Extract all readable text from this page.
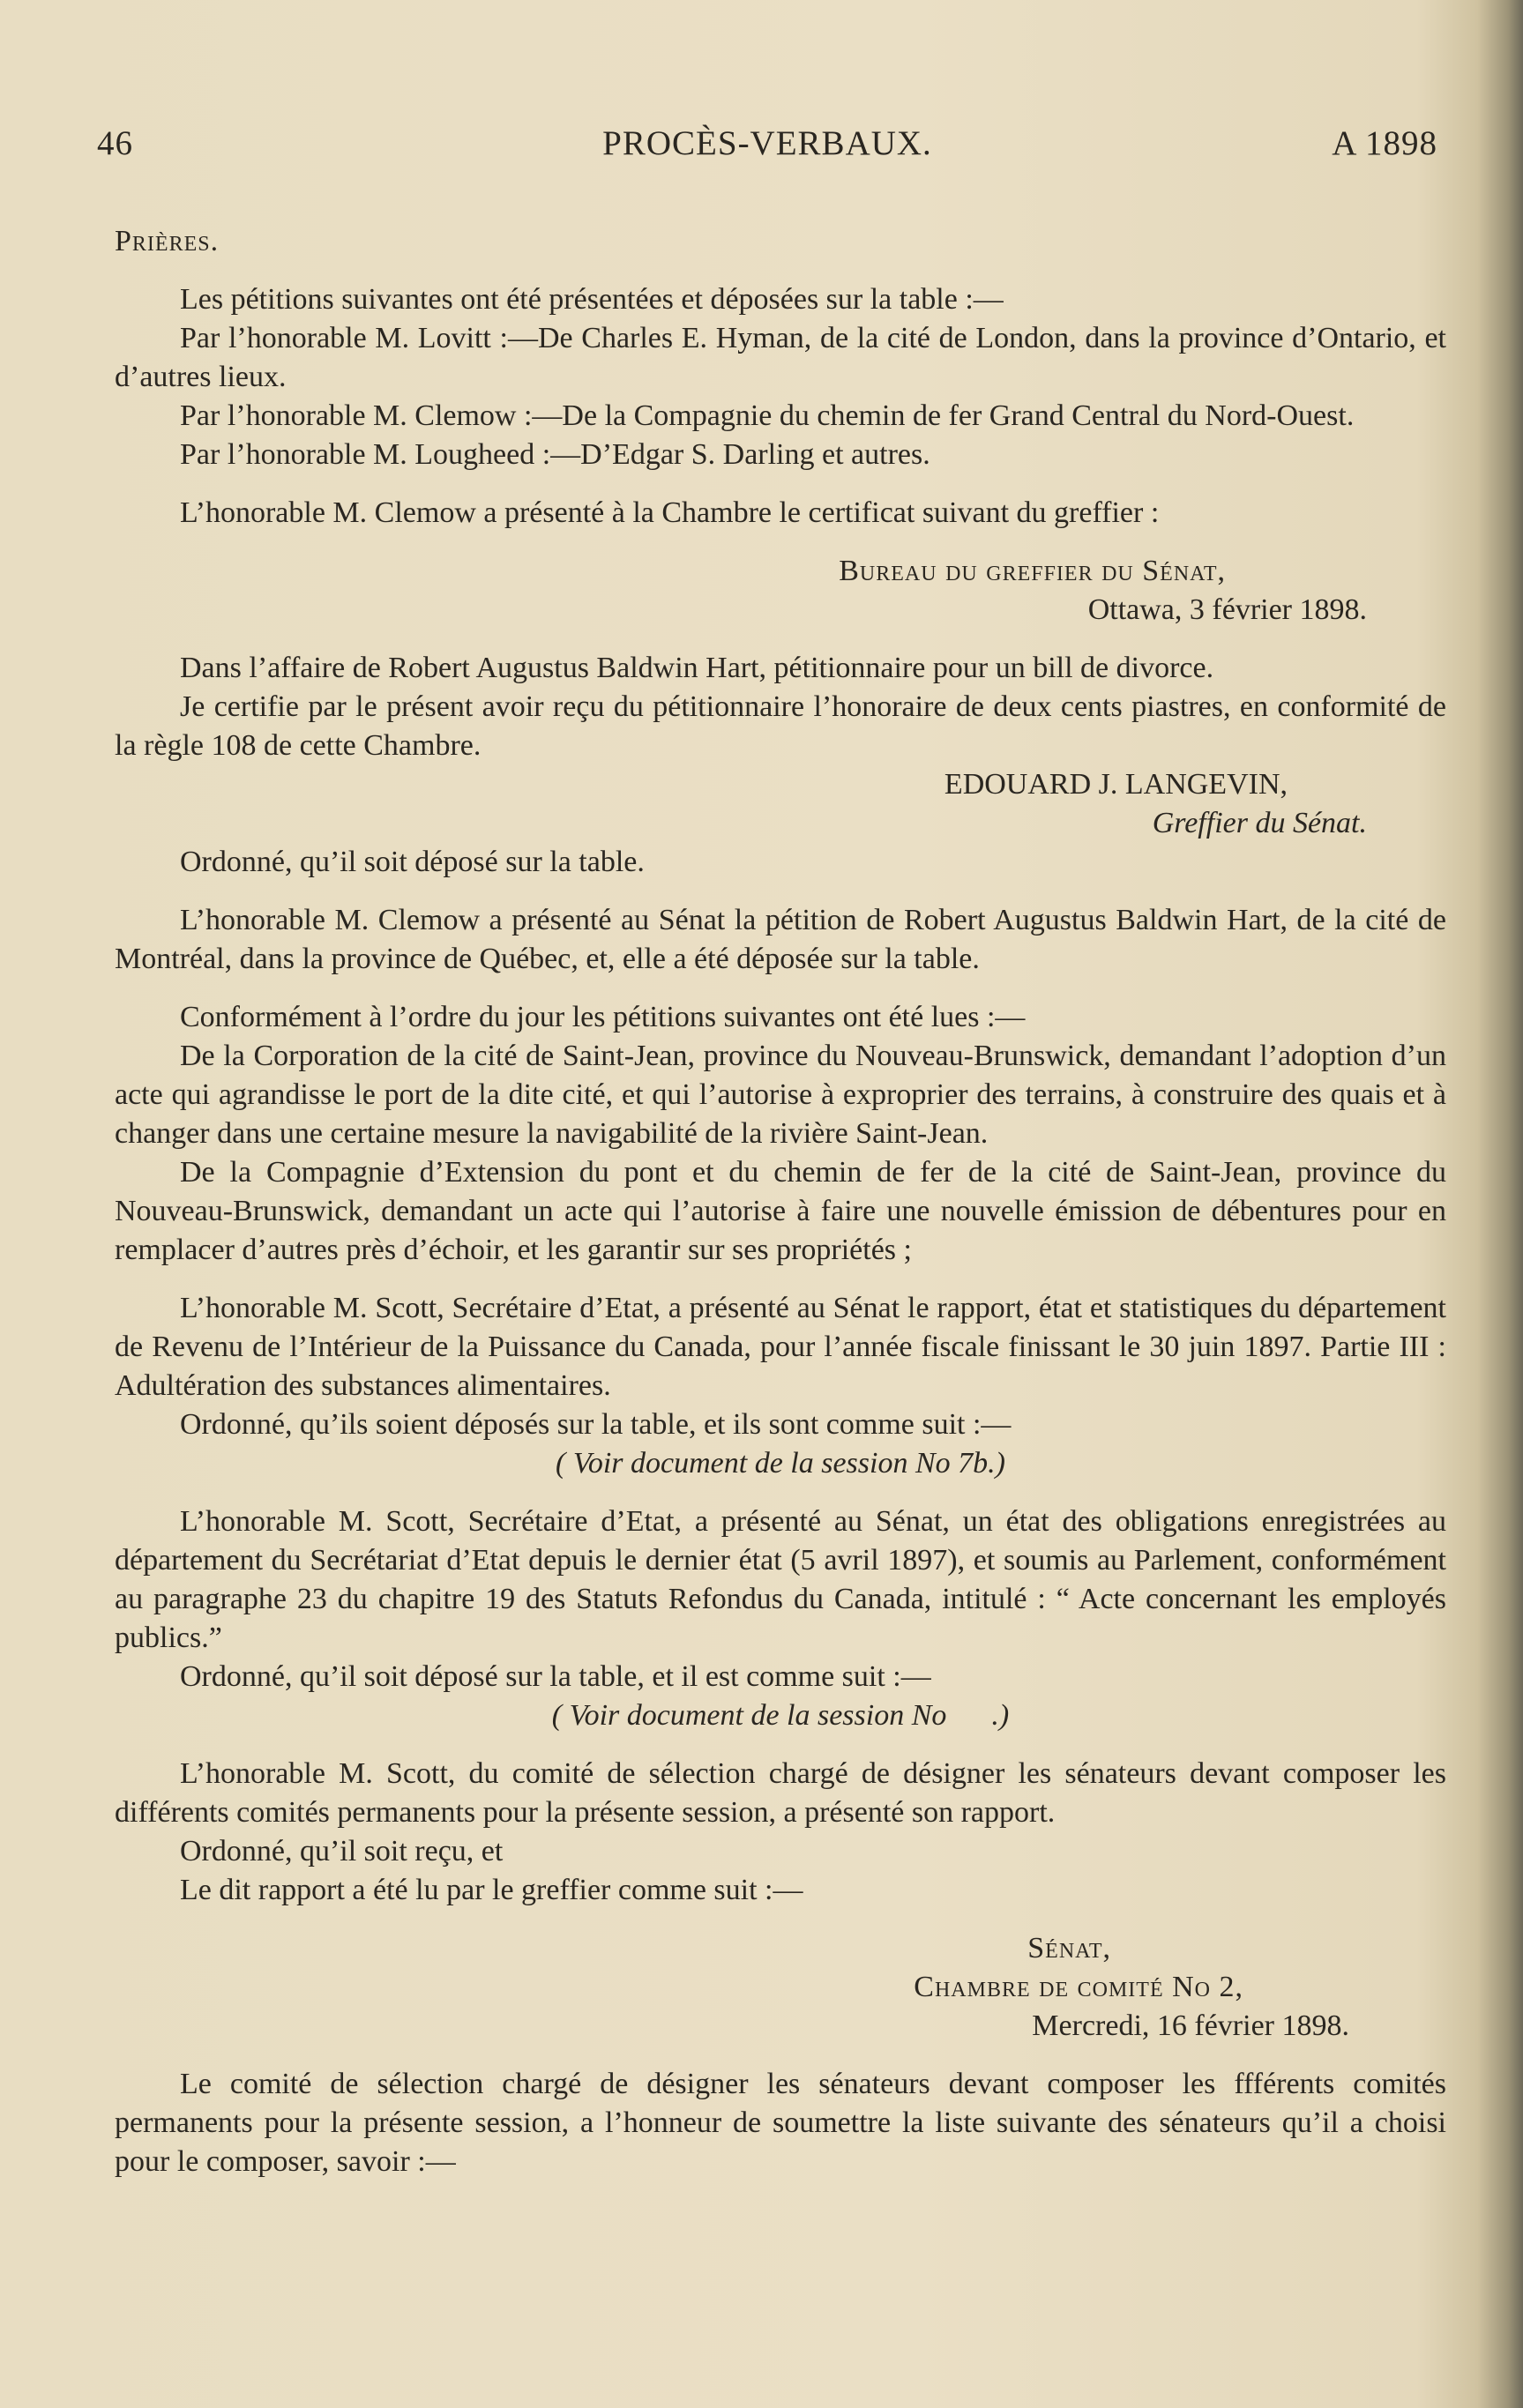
46	PROCÈS-VERBAUX.	A 1898

Prières.

Les pétitions suivantes ont été présentées et déposées sur la table :—

Par l’honorable M. Lovitt :—De Charles E. Hyman, de la cité de London, dans la province d’Ontario, et d’autres lieux.

Par l’honorable M. Clemow :—De la Compagnie du chemin de fer Grand Central du Nord-Ouest.

Par l’honorable M. Lougheed :—D’Edgar S. Darling et autres.

L’honorable M. Clemow a présenté à la Chambre le certificat suivant du greffier :

Bureau du greffier du Sénat,

Ottawa, 3 février 1898.

Dans l’affaire de Robert Augustus Baldwin Hart, pétitionnaire pour un bill de divorce.

Je certifie par le présent avoir reçu du pétitionnaire l’honoraire de deux cents piastres, en conformité de la règle 108 de cette Chambre.

EDOUARD J. LANGEVIN,

Greffier du Sénat.

Ordonné, qu’il soit déposé sur la table.

L’honorable M. Clemow a présenté au Sénat la pétition de Robert Augustus Baldwin Hart, de la cité de Montréal, dans la province de Québec, et, elle a été déposée sur la table.

Conformément à l’ordre du jour les pétitions suivantes ont été lues :—

De la Corporation de la cité de Saint-Jean, province du Nouveau-Brunswick, demandant l’adoption d’un acte qui agrandisse le port de la dite cité, et qui l’autorise à exproprier des terrains, à construire des quais et à changer dans une certaine mesure la navigabilité de la rivière Saint-Jean.

De la Compagnie d’Extension du pont et du chemin de fer de la cité de Saint-Jean, province du Nouveau-Brunswick, demandant un acte qui l’autorise à faire une nouvelle émission de débentures pour en remplacer d’autres près d’échoir, et les garantir sur ses propriétés ;

L’honorable M. Scott, Secrétaire d’Etat, a présenté au Sénat le rapport, état et statistiques du département de Revenu de l’Intérieur de la Puissance du Canada, pour l’année fiscale finissant le 30 juin 1897. Partie III : Adultération des substances alimentaires.

Ordonné, qu’ils soient déposés sur la table, et ils sont comme suit :—

( Voir document de la session No 7b.)

L’honorable M. Scott, Secrétaire d’Etat, a présenté au Sénat, un état des obligations enregistrées au département du Secrétariat d’Etat depuis le dernier état (5 avril 1897), et soumis au Parlement, conformément au paragraphe 23 du chapitre 19 des Statuts Refondus du Canada, intitulé : “ Acte concernant les employés publics.”

Ordonné, qu’il soit déposé sur la table, et il est comme suit :—

( Voir document de la session No      .)

L’honorable M. Scott, du comité de sélection chargé de désigner les sénateurs devant composer les différents comités permanents pour la présente session, a présenté son rapport.

Ordonné, qu’il soit reçu, et

Le dit rapport a été lu par le greffier comme suit :—

Sénat,

Chambre de comité No 2,

Mercredi, 16 février 1898.

Le comité de sélection chargé de désigner les sénateurs devant composer les ffférents comités permanents pour la présente session, a l’honneur de soumettre la liste suivante des sénateurs qu’il a choisi pour le composer, savoir :—
